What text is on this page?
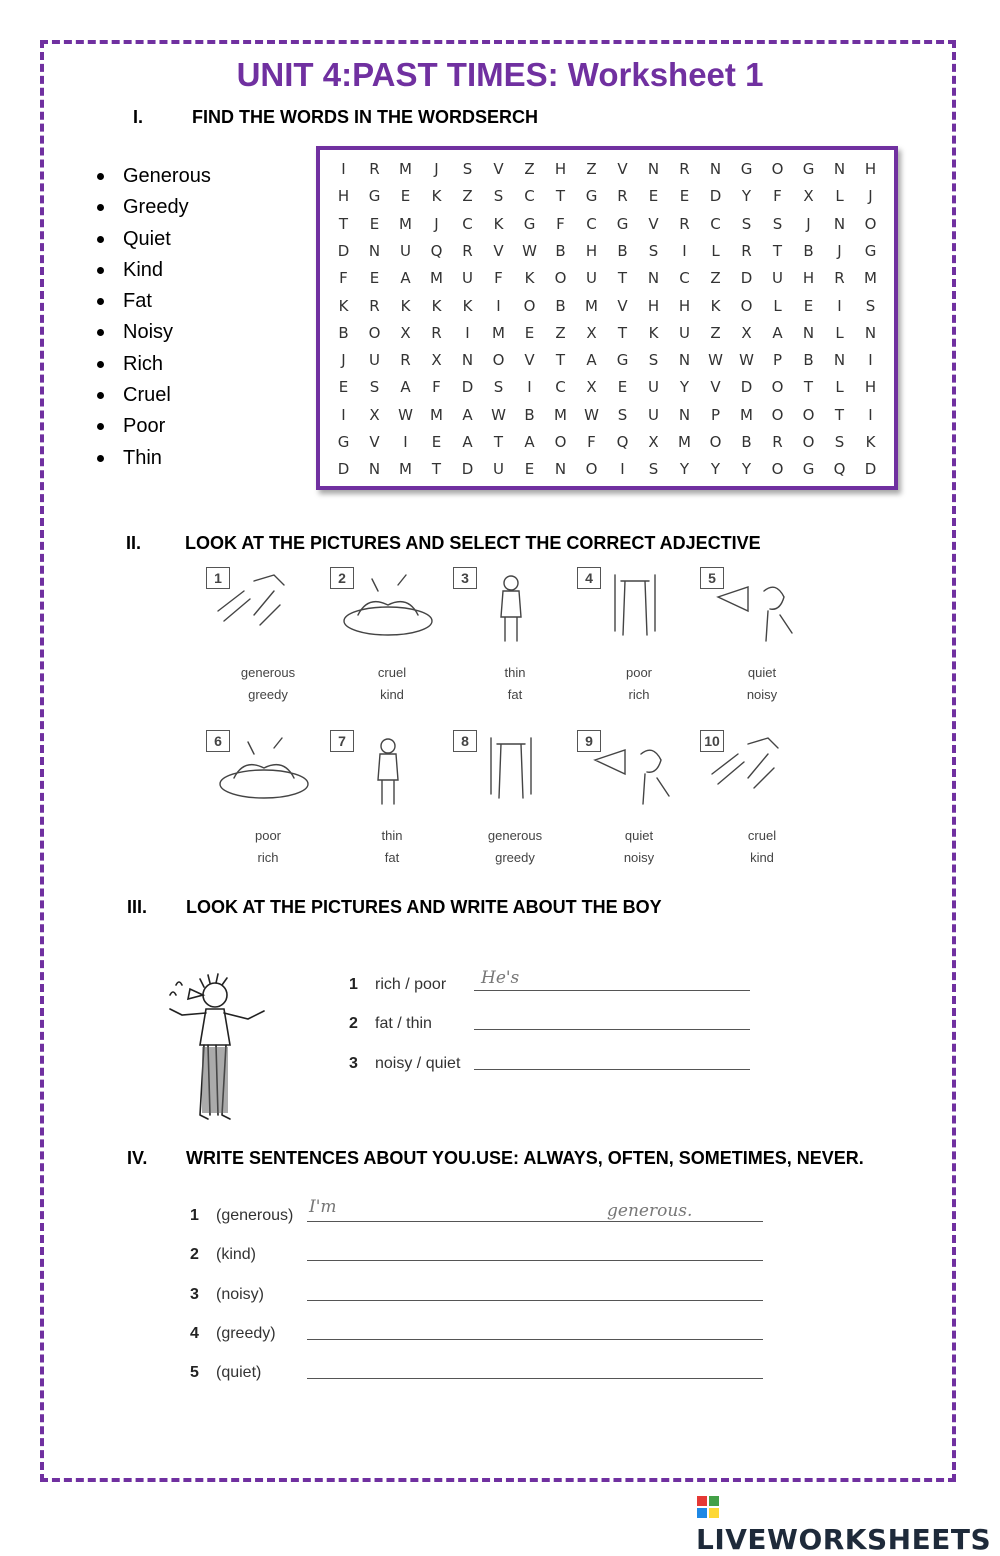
UNIT 4:PAST TIMES: Worksheet 1
I.	FIND THE WORDS IN THE WORDSERCH
Generous
Greedy
Quiet
Kind
Fat
Noisy
Rich
Cruel
Poor
Thin
I	R	M	J	S	V	Z	H	Z	V	N	R	N	G	O	G	N	H
H	G	E	K	Z	S	C	T	G	R	E	E	D	Y	F	X	L	J
T	E	M	J	C	K	G	F	C	G	V	R	C	S	S	J	N	O
D	N	U	Q	R	V	W	B	H	B	S	I	L	R	T	B	J	G
F	E	A	M	U	F	K	O	U	T	N	C	Z	D	U	H	R	M
K	R	K	K	K	I	O	B	M	V	H	H	K	O	L	E	I	S
B	O	X	R	I	M	E	Z	X	T	K	U	Z	X	A	N	L	N
J	U	R	X	N	O	V	T	A	G	S	N	W	W	P	B	N	I
E	S	A	F	D	S	I	C	X	E	U	Y	V	D	O	T	L	H
I	X	W	M	A	W	B	M	W	S	U	N	P	M	O	O	T	I
G	V	I	E	A	T	A	O	F	Q	X	M	O	B	R	O	S	K
D	N	M	T	D	U	E	N	O	I	S	Y	Y	Y	O	G	Q	D
II. LOOK AT THE PICTURES AND SELECT THE CORRECT ADJECTIVE
1
generous
greedy
2
cruel
kind
3
thin
fat
4
poor
rich
5
quiet
noisy
6
poor
rich
7
thin
fat
8
generous
greedy
9
quiet
noisy
10
cruel
kind
III. LOOK AT THE PICTURES AND WRITE ABOUT THE BOY
1 rich / poor He's
2 fat / thin
3 noisy / quiet
IV. WRITE SENTENCES ABOUT YOU.USE: ALWAYS, OFTEN, SOMETIMES, NEVER.
1 (generous) I'm	generous.
2 (kind)
3 (noisy)
4 (greedy)
5 (quiet)
LIVEWORKSHEETS
